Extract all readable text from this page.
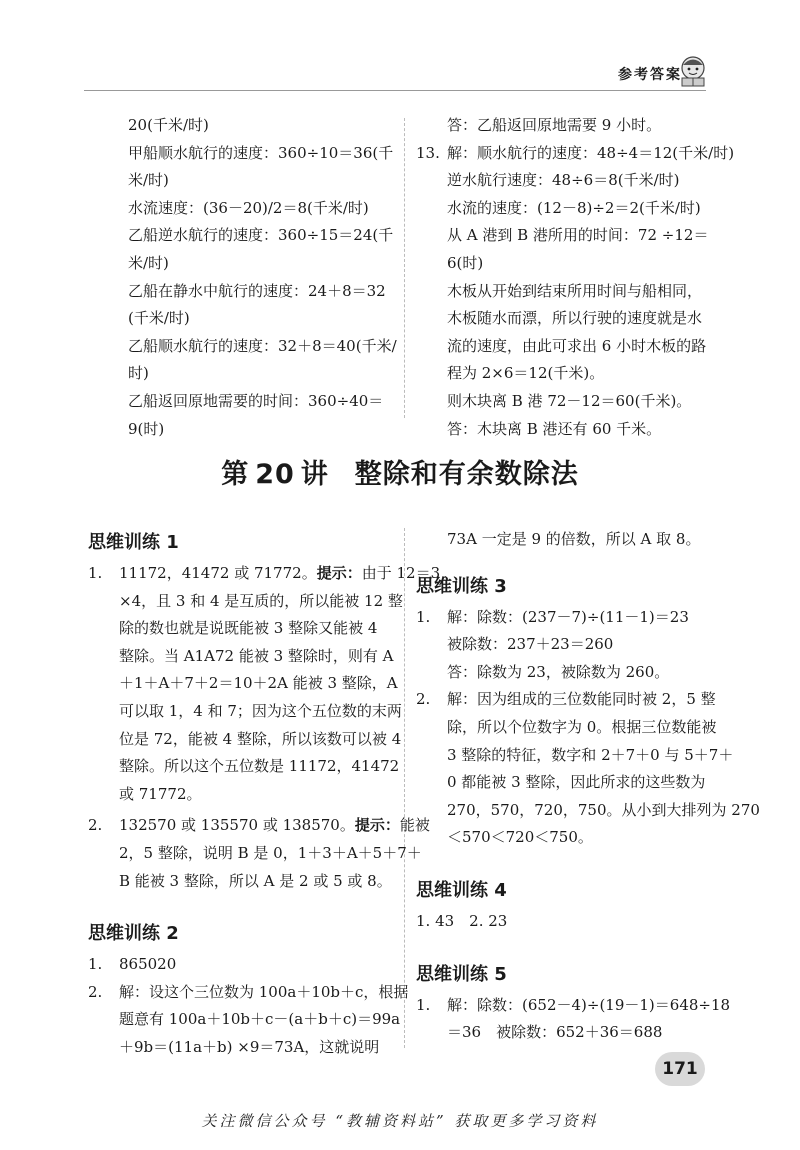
参考答案
20(千米/时)
甲船顺水航行的速度：360÷10＝36(千
米/时)
水流速度：(36－20)/2＝8(千米/时)
乙船逆水航行的速度：360÷15＝24(千
米/时)
乙船在静水中航行的速度：24＋8＝32
(千米/时)
乙船顺水航行的速度：32＋8＝40(千米/
时)
乙船返回原地需要的时间：360÷40＝
9(时)
答：乙船返回原地需要 9 小时。
13. 解：顺水航行的速度：48÷4＝12(千米/时)
逆水航行速度：48÷6＝8(千米/时)
水流的速度：(12－8)÷2＝2(千米/时)
从 A 港到 B 港所用的时间：72 ÷12＝
6(时)
木板从开始到结束所用时间与船相同，
木板随水而漂，所以行驶的速度就是水
流的速度，由此可求出 6 小时木板的路
程为 2×6＝12(千米)。
则木块离 B 港 72－12＝60(千米)。
答：木块离 B 港还有 60 千米。
第 20 讲 整除和有余数除法
思维训练 1
1. 11172，41472 或 71772。提示：由于 12＝3
×4，且 3 和 4 是互质的，所以能被 12 整
除的数也就是说既能被 3 整除又能被 4
整除。当 A1A72 能被 3 整除时，则有 A
＋1＋A＋7＋2＝10＋2A 能被 3 整除，A
可以取 1，4 和 7；因为这个五位数的末两
位是 72，能被 4 整除，所以该数可以被 4
整除。所以这个五位数是 11172，41472
或 71772。
2. 132570 或 135570 或 138570。提示：能被
2，5 整除，说明 B 是 0，1＋3＋A＋5＋7＋
B 能被 3 整除，所以 A 是 2 或 5 或 8。
思维训练 2
1. 865020
2. 解：设这个三位数为 100a＋10b＋c，根据
题意有 100a＋10b＋c－(a＋b＋c)＝99a
＋9b＝(11a＋b) ×9＝73A，这就说明
73A 一定是 9 的倍数，所以 A 取 8。
思维训练 3
1. 解：除数：(237－7)÷(11－1)＝23
被除数：237＋23＝260
答：除数为 23，被除数为 260。
2. 解：因为组成的三位数能同时被 2，5 整
除，所以个位数字为 0。根据三位数能被
3 整除的特征，数字和 2＋7＋0 与 5＋7＋
0 都能被 3 整除，因此所求的这些数为
270，570，720，750。从小到大排列为 270
＜570＜720＜750。
思维训练 4
1. 43　2. 23
思维训练 5
1. 解：除数：(652－4)÷(19－1)＝648÷18
＝36　被除数：652＋36＝688
171
关注微信公众号 “教辅资料站” 获取更多学习资料
